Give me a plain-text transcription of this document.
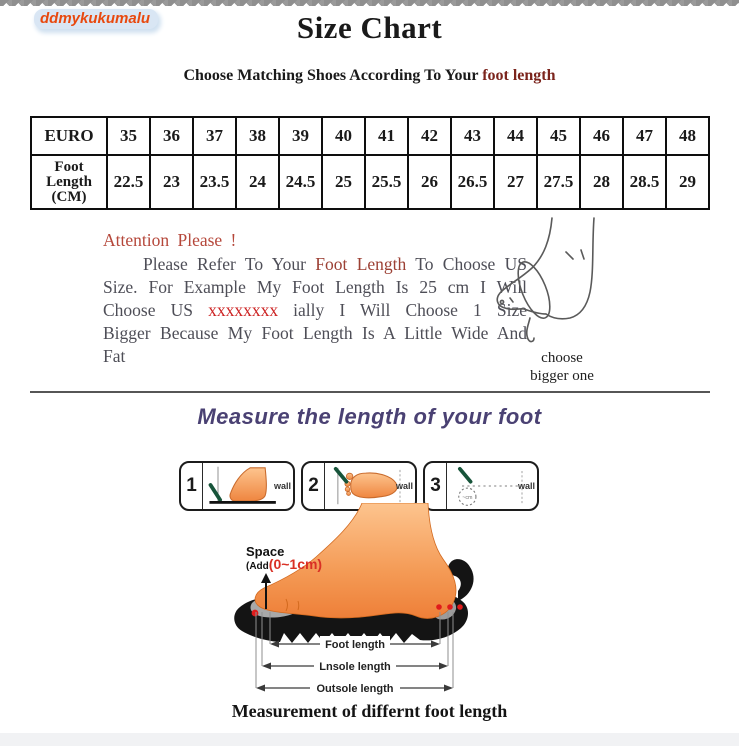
ddmykukumalu	Size Chart
Choose Matching Shoes According To Your foot length
EURO	35	36	37	38	39	40	41	42	43	44	45	46	47	48

Foot
Length
(CM)	22.5	23	23.5	24	24.5	25	25.5	26	26.5	27	27.5	28	28.5	29
Attention Please !
Please Refer To Your Foot Length To Choose US Size. For Example My Foot Length Is 25 cm I Will Choose US xxxxxxxx ially I Will Choose 1 Size Bigger Because My Foot Length Is A Little Wide And Fat	choose
bigger one
Measure the length of your foot
1	wall 2	wall 3
~cm
wall
Space
(Add(0~1cm)
Foot length
Lnsole length
Outsole length
Measurement of differnt foot length
